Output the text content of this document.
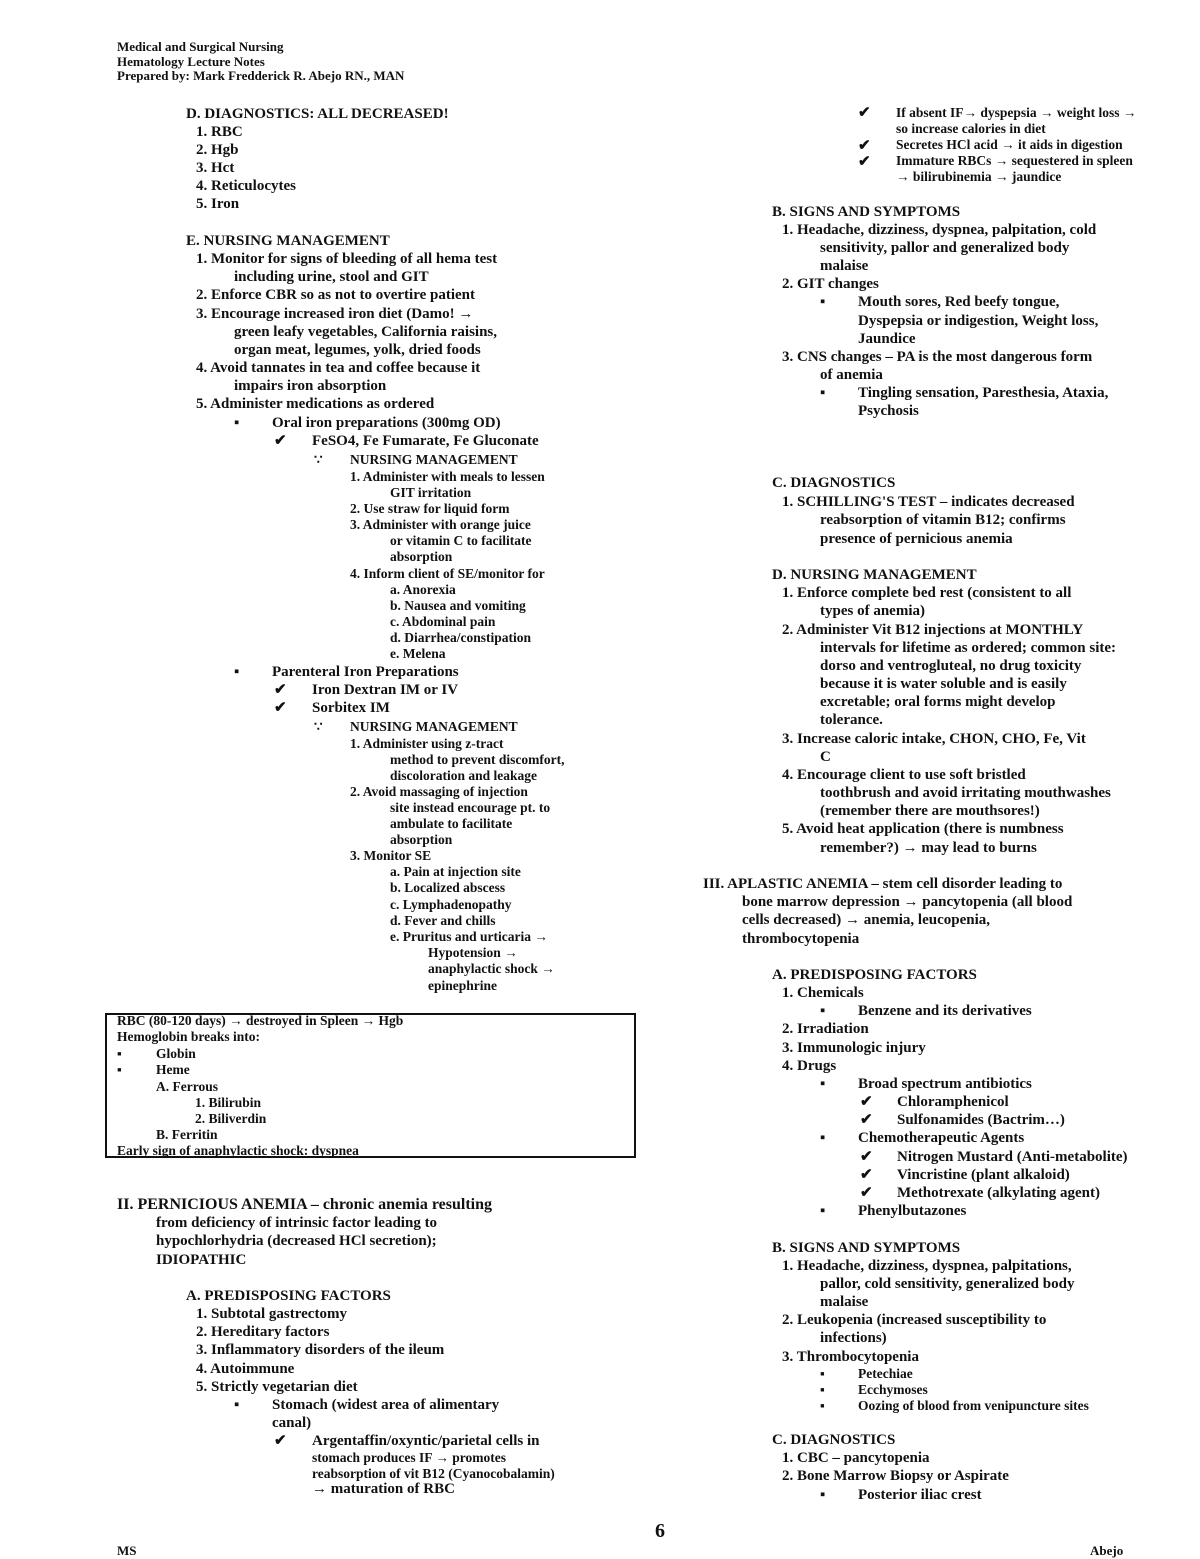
Medical and Surgical Nursing
Hematology Lecture Notes
Prepared by: Mark Fredderick R. Abejo RN., MAN
D. DIAGNOSTICS: ALL DECREASED!
1. RBC
2. Hgb
3. Hct
4. Reticulocytes
5. Iron
E. NURSING MANAGEMENT
1. Monitor for signs of bleeding of all hema test
including urine, stool and GIT
2. Enforce CBR so as not to overtire patient
3. Encourage increased iron diet (Damo! →
green leafy vegetables, California raisins,
organ meat, legumes, yolk, dried foods
4. Avoid tannates in tea and coffee because it
impairs iron absorption
5. Administer medications as ordered
▪ Oral iron preparations (300mg OD)
✔ FeSO4, Fe Fumarate, Fe Gluconate
∵ NURSING MANAGEMENT
1. Administer with meals to lessen
GIT irritation
2. Use straw for liquid form
3. Administer with orange juice
or vitamin C to facilitate
absorption
4. Inform client of SE/monitor for
a. Anorexia
b. Nausea and vomiting
c. Abdominal pain
d. Diarrhea/constipation
e. Melena
▪ Parenteral Iron Preparations
✔ Iron Dextran IM or IV
✔ Sorbitex IM
∵ NURSING MANAGEMENT
1. Administer using z-tract
method to prevent discomfort,
discoloration and leakage
2. Avoid massaging of injection
site instead encourage pt. to
ambulate to facilitate
absorption
3. Monitor SE
a. Pain at injection site
b. Localized abscess
c. Lymphadenopathy
d. Fever and chills
e. Pruritus and urticaria →
Hypotension →
anaphylactic shock →
epinephrine
RBC (80-120 days) → destroyed in Spleen → Hgb
Hemoglobin breaks into:
▪	Globin
▪	Heme
A. Ferrous
1. Bilirubin
2. Biliverdin
B. Ferritin
Early sign of anaphylactic shock: dyspnea
II. PERNICIOUS ANEMIA – chronic anemia resulting
from deficiency of intrinsic factor leading to
hypochlorhydria (decreased HCl secretion);
IDIOPATHIC
A. PREDISPOSING FACTORS
1. Subtotal gastrectomy
2. Hereditary factors
3. Inflammatory disorders of the ileum
4. Autoimmune
5. Strictly vegetarian diet
▪ Stomach (widest area of alimentary
canal)
✔ Argentaffin/oxyntic/parietal cells in
stomach produces IF → promotes
reabsorption of vit B12 (Cyanocobalamin)
→ maturation of RBC
✔ If absent IF→ dyspepsia → weight loss →
so increase calories in diet
✔ Secretes HCl acid → it aids in digestion
✔ Immature RBCs → sequestered in spleen
→ bilirubinemia → jaundice
B. SIGNS AND SYMPTOMS
1. Headache, dizziness, dyspnea, palpitation, cold
sensitivity, pallor and generalized body
malaise
2. GIT changes
▪ Mouth sores, Red beefy tongue,
Dyspepsia or indigestion, Weight loss,
Jaundice
3. CNS changes – PA is the most dangerous form
of anemia
▪ Tingling sensation, Paresthesia, Ataxia,
Psychosis
C. DIAGNOSTICS
1. SCHILLING'S TEST – indicates decreased
reabsorption of vitamin B12; confirms
presence of pernicious anemia
D. NURSING MANAGEMENT
1. Enforce complete bed rest (consistent to all
types of anemia)
2. Administer Vit B12 injections at MONTHLY
intervals for lifetime as ordered; common site:
dorso and ventrogluteal, no drug toxicity
because it is water soluble and is easily
excretable; oral forms might develop
tolerance.
3. Increase caloric intake, CHON, CHO, Fe, Vit
C
4. Encourage client to use soft bristled
toothbrush and avoid irritating mouthwashes
(remember there are mouthsores!)
5. Avoid heat application (there is numbness
remember?) → may lead to burns
III. APLASTIC ANEMIA – stem cell disorder leading to
bone marrow depression → pancytopenia (all blood
cells decreased) → anemia, leucopenia,
thrombocytopenia
A. PREDISPOSING FACTORS
1. Chemicals
▪ Benzene and its derivatives
2. Irradiation
3. Immunologic injury
4. Drugs
▪ Broad spectrum antibiotics
✔ Chloramphenicol
✔ Sulfonamides (Bactrim…)
▪ Chemotherapeutic Agents
✔ Nitrogen Mustard (Anti-metabolite)
✔ Vincristine (plant alkaloid)
✔ Methotrexate (alkylating agent)
▪ Phenylbutazones
B. SIGNS AND SYMPTOMS
1. Headache, dizziness, dyspnea, palpitations,
pallor, cold sensitivity, generalized body
malaise
2. Leukopenia (increased susceptibility to
infections)
3. Thrombocytopenia
▪ Petechiae
▪ Ecchymoses
▪ Oozing of blood from venipuncture sites
C. DIAGNOSTICS
1. CBC – pancytopenia
2. Bone Marrow Biopsy or Aspirate
▪ Posterior iliac crest
6
MS	Abejo
